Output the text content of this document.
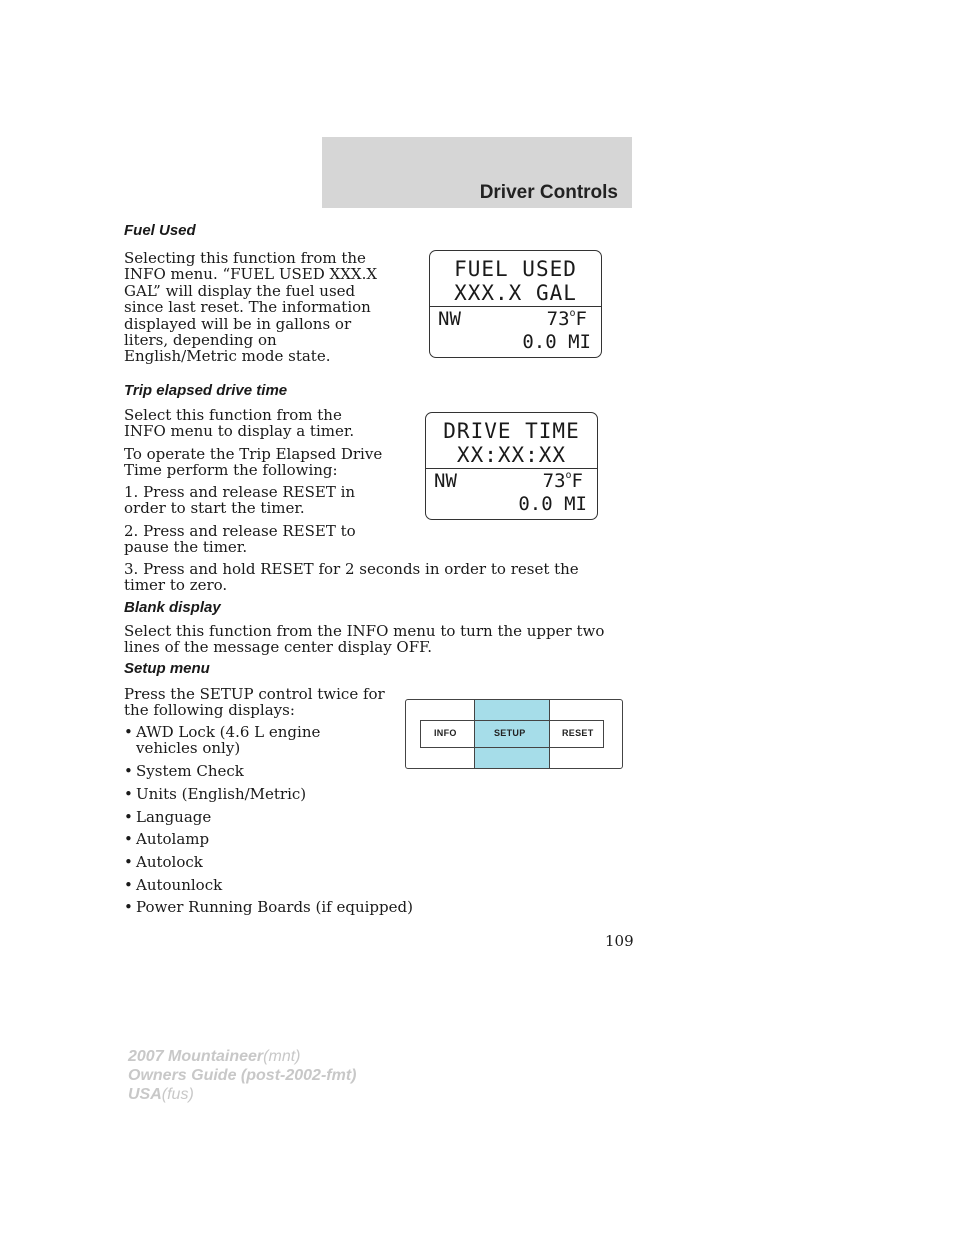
Driver Controls
Fuel Used

Selecting this function from the INFO menu. “FUEL USED XXX.X GAL” will display the fuel used since last reset. The information displayed will be in gallons or liters, depending on English/Metric mode state.

FUEL USED
XXX.X GAL
NW	73$^o$F
0.0 MI
Trip elapsed drive time

Select this function from the INFO menu to display a timer.

To operate the Trip Elapsed Drive Time perform the following:

1. Press and release RESET in order to start the timer.

2. Press and release RESET to pause the timer.

3. Press and hold RESET for 2 seconds in order to reset the timer to zero.

DRIVE TIME
XX:XX:XX
NW	73$^o$F
0.0 MI
Blank display

Select this function from the INFO menu to turn the upper two lines of the message center display OFF.

Setup menu

Press the SETUP control twice for the following displays:

• AWD Lock (4.6 L engine vehicles only)
• System Check
• Units (English/Metric)
• Language
• Autolamp
• Autolock
• Autounlock
• Power Running Boards (if equipped)
INFO	SETUP	RESET
109
2007 Mountaineer(mnt)
Owners Guide (post-2002-fmt)
USA(fus)
